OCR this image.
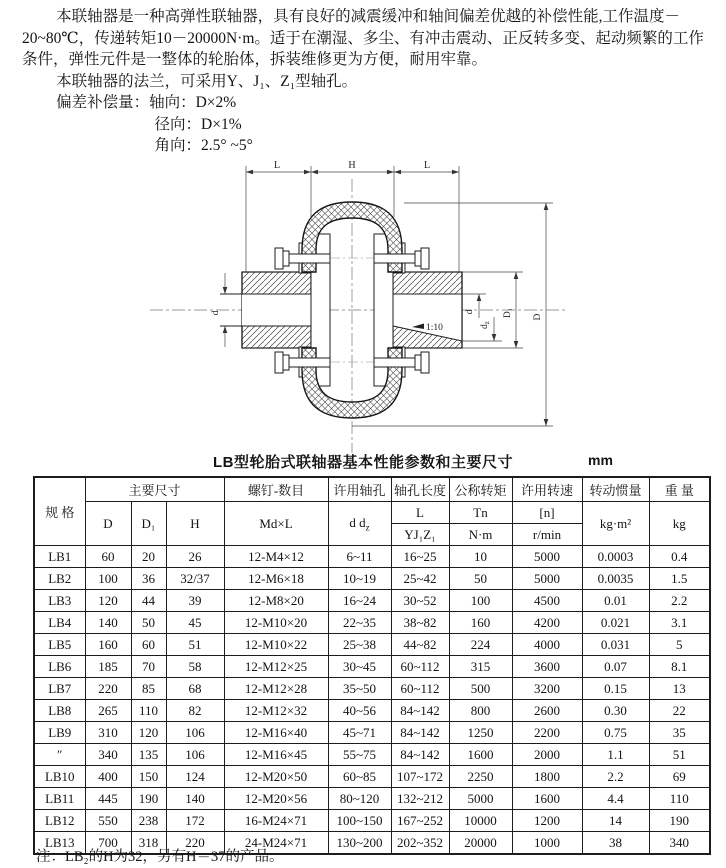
本联轴器是一种高弹性联轴器，具有良好的减震缓冲和轴间偏差优越的补偿性能,工作温度－20~80℃，传递转矩10－20000N·m。适于在潮湿、多尘、有冲击震动、正反转多变、起动频繁的工作条件，弹性元件是一整体的轮胎体，拆装维修更为方便，耐用牢靠。

本联轴器的法兰，可采用Y、J₁、Z₁型轴孔。

偏差补偿量：轴向：D×2%

径向：D×1%

角向：2.5° ~5°

L	H	L
d
1:10
d
$d_z$
D₁ D
LB型轮胎式联轴器基本性能参数和主要尺寸	mm
规 格	主要尺寸			螺钉-数目	许用轴孔	轴孔长度	公称转矩	许用转速	转动惯量	重 量
	D	D₁	H	Md×L	d $d_z$	L	Tn	[n]	kg·m²	kg
						YJ₁Z₁	N·m	r/min		
LB1	60	20	26	12-M4×12	6~11	16~25	10	5000	0.0003	0.4
LB2	100	36	32/37	12-M6×18	10~19	25~42	50	5000	0.0035	1.5
LB3	120	44	39	12-M8×20	16~24	30~52	100	4500	0.01	2.2
LB4	140	50	45	12-M10×20	22~35	38~82	160	4200	0.021	3.1
LB5	160	60	51	12-M10×22	25~38	44~82	224	4000	0.031	5
LB6	185	70	58	12-M12×25	30~45	60~112	315	3600	0.07	8.1
LB7	220	85	68	12-M12×28	35~50	60~112	500	3200	0.15	13
LB8	265	110	82	12-M12×32	40~56	84~142	800	2600	0.30	22
LB9	310	120	106	12-M16×40	45~71	84~142	1250	2200	0.75	35
″	340	135	106	12-M16×45	55~75	84~142	1600	2000	1.1	51
LB10	400	150	124	12-M20×50	60~85	107~172	2250	1800	2.2	69
LB11	445	190	140	12-M20×56	80~120	132~212	5000	1600	4.4	110
LB12	550	238	172	16-M24×71	100~150	167~252	10000	1200	14	190
LB13	700	318	220	24-M24×71	130~200	202~352	20000	1000	38	340
注：LB₂的H为32，另有H＝37的产品。
